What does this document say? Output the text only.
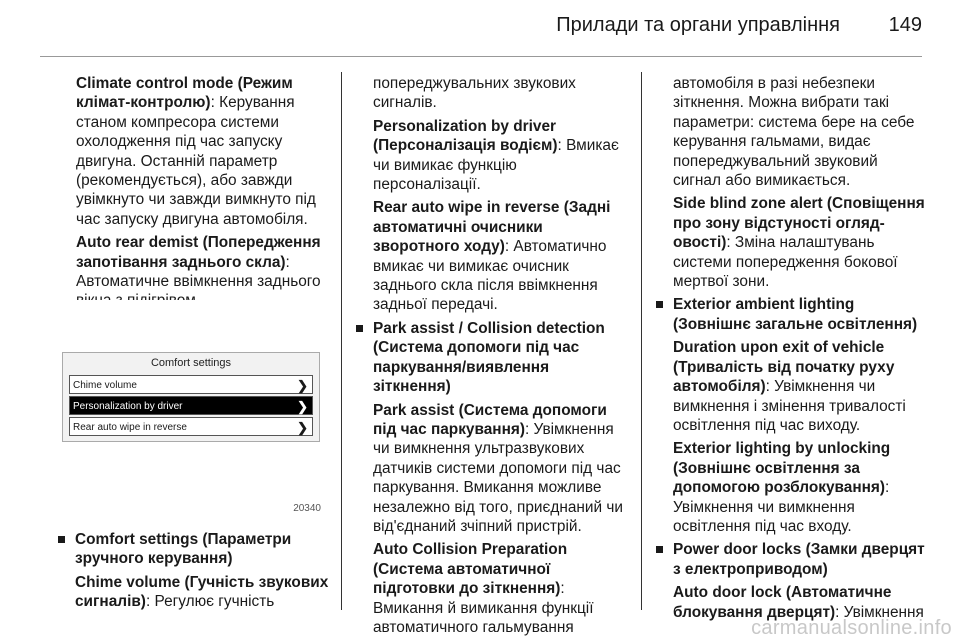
Прилади та органи управління 149

Climate control mode (Режим клімат-контролю): Керування станом компресора системи охолодження під час запуску двигуна. Останній параметр (рекомендується), або завжди увімкнуто чи завжди вимкнуто під час запуску двигуна автомобіля.

Auto rear demist (Попередження запотівання заднього скла): Автоматичне ввімкнення заднього

Comfort settings
Chime volume	❯
Personalization by driver	❯
Rear auto wipe in reverse	❯
20340

Comfort settings (Параметри зручного керування)

Chime volume (Гучність звукових сигналів): Регулює гучність

попереджувальних звукових сигналів.

Personalization by driver (Персоналізація водієм): Вмикає чи вимикає функцію персоналізації.

Rear auto wipe in reverse (Задні автоматичні очисники зворотного ходу): Автоматично вмикає чи вимикає очисник заднього скла після ввімкнення задньої передачі.

Park assist / Collision detection (Система допомоги під час паркування/виявлення зіткнення)

Park assist (Система допомоги під час паркування): Увімкнення чи вимкнення ультразвукових датчиків системи допомоги під час паркування. Вмикання можливе незалежно від того, приєднаний чи від'єднаний зчіпний пристрій.

Auto Collision Preparation (Система автоматичної підготовки до зіткнення): Вмикання й вимикання функції автоматичного гальмування

автомобіля в разі небезпеки зіткнення. Можна вибрати такі параметри: система бере на себе керування гальмами, видає попереджувальний звуковий сигнал або вимикається.

Side blind zone alert (Сповіщення про зону відстуності оглядовості): Зміна налаштувань системи попередження бокової мертвої зони.

Exterior ambient lighting (Зовнішнє загальне освітлення)

Duration upon exit of vehicle (Тривалість від початку руху автомобіля): Увімкнення чи вимкнення і змінення тривалості освітлення під час виходу.

Exterior lighting by unlocking (Зовнішнє освітлення за допомогою розблокування): Увімкнення чи вимкнення освітлення під час входу.

Power door locks (Замки дверцят з електроприводом)

Auto door lock (Автоматичне блокування дверцят): Увімкнення

carmanualsonline.info
